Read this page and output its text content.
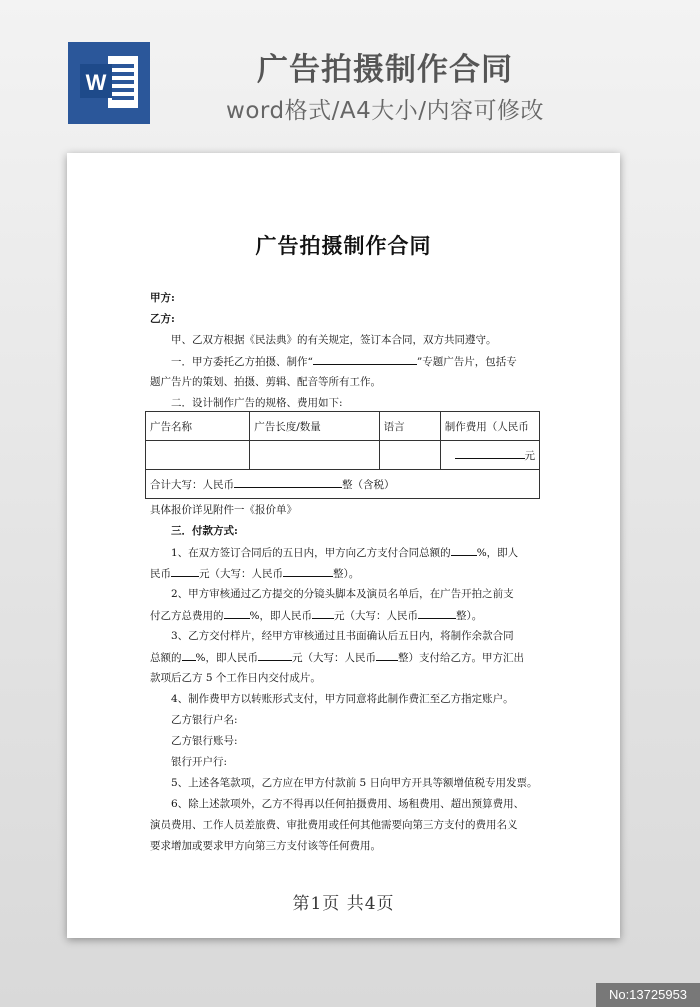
W	广告拍摄制作合同
word格式/A4大小/内容可修改
广告拍摄制作合同
甲方:
乙方:
甲、乙双方根据《民法典》的有关规定，签订本合同，双方共同遵守。
一．甲方委托乙方拍摄、制作“	”专题广告片，包括专
题广告片的策划、拍摄、剪辑、配音等所有工作。
二．设计制作广告的规格、费用如下:
广告名称	广告长度/数量	语言	制作费用（人民币
			元
合计大写：人民币 整（含税）			
具体报价详见附件一《报价单》
三．付款方式:
1、在双方签订合同后的五日内，甲方向乙方支付合同总额的 %，即人
民币	元（大写：人民币	整）。
2、甲方审核通过乙方提交的分镜头脚本及演员名单后，在广告开拍之前支
付乙方总费用的 %，即人民币 元（大写：人民币	整）。
3、乙方交付样片，经甲方审核通过且书面确认后五日内，将制作余款合同
总额的 %，即人民币	元（大写：人民币 整）支付给乙方。甲方汇出
款项后乙方 5 个工作日内交付成片。
4、制作费甲方以转账形式支付，甲方同意将此制作费汇至乙方指定账户。
乙方银行户名:
乙方银行账号:
银行开户行:
5、上述各笔款项，乙方应在甲方付款前 5 日向甲方开具等额增值税专用发票。
6、除上述款项外，乙方不得再以任何拍摄费用、场租费用、超出预算费用、
演员费用、工作人员差旅费、审批费用或任何其他需要向第三方支付的费用名义
要求增加或要求甲方向第三方支付该等任何费用。
第1页 共4页
No:13725953
